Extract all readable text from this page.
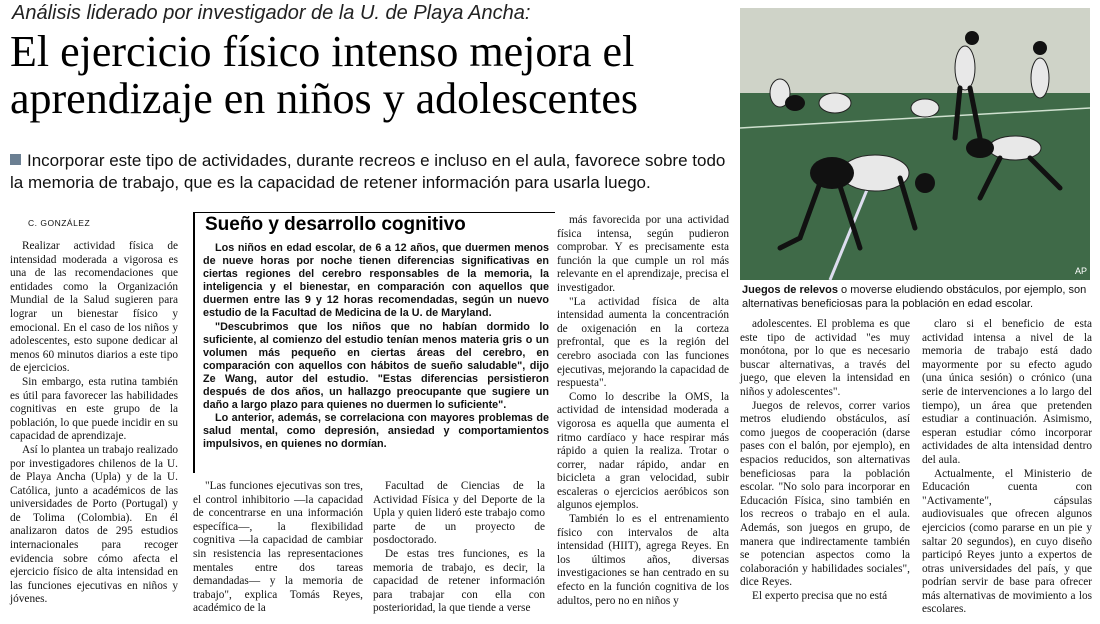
Análisis liderado por investigador de la U. de Playa Ancha:
El ejercicio físico intenso mejora el aprendizaje en niños y adolescentes
Incorporar este tipo de actividades, durante recreos e incluso en el aula, favorece sobre todo la memoria de trabajo, que es la capacidad de retener información para usarla luego.
AP
Juegos de relevos o moverse eludiendo obstáculos, por ejemplo, son alternativas beneficiosas para la población en edad escolar.
C. GONZÁLEZ

Realizar actividad física de intensidad moderada a vigorosa es una de las recomendaciones que entidades como la Organización Mundial de la Salud sugieren para lograr un bienestar físico y emocional. En el caso de los niños y adolescentes, esto supone dedicar al menos 60 minutos diarios a este tipo de ejercicios.

Sin embargo, esta rutina también es útil para favorecer las habilidades cognitivas en este grupo de la población, lo que puede incidir en su capacidad de aprendizaje.

Así lo plantea un trabajo realizado por investigadores chilenos de la U. de Playa Ancha (Upla) y de la U. Católica, junto a académicos de las universidades de Porto (Portugal) y de Tolima (Colombia). En él analizaron datos de 295 estudios internacionales para recoger evidencia sobre cómo afecta el ejercicio físico de alta intensidad en las funciones ejecutivas en niños y jóvenes.

Sueño y desarrollo cognitivo

Los niños en edad escolar, de 6 a 12 años, que duermen menos de nueve horas por noche tienen diferencias significativas en ciertas regiones del cerebro responsables de la memoria, la inteligencia y el bienestar, en comparación con aquellos que duermen entre las 9 y 12 horas recomendadas, según un nuevo estudio de la Facultad de Medicina de la U. de Maryland.

"Descubrimos que los niños que no habían dormido lo suficiente, al comienzo del estudio tenían menos materia gris o un volumen más pequeño en ciertas áreas del cerebro, en comparación con aquellos con hábitos de sueño saludable", dijo Ze Wang, autor del estudio. "Estas diferencias persistieron después de dos años, un hallazgo preocupante que sugiere un daño a largo plazo para quienes no duermen lo suficiente".

Lo anterior, además, se correlaciona con mayores problemas de salud mental, como depresión, ansiedad y comportamientos impulsivos, en quienes no dormían.

"Las funciones ejecutivas son tres, el control inhibitorio —la capacidad de concentrarse en una información específica—, la flexibilidad cognitiva —la capacidad de cambiar sin resistencia las representaciones mentales entre dos tareas demandadas— y la memoria de trabajo", explica Tomás Reyes, académico de la

Facultad de Ciencias de la Actividad Física y del Deporte de la Upla y quien lideró este trabajo como parte de un proyecto de posdoctorado.

De estas tres funciones, es la memoria de trabajo, es decir, la capacidad de retener información para trabajar con ella con posterioridad, la que tiende a verse

más favorecida por una actividad física intensa, según pudieron comprobar. Y es precisamente esta función la que cumple un rol más relevante en el aprendizaje, precisa el investigador.

"La actividad física de alta intensidad aumenta la concentración de oxigenación en la corteza prefrontal, que es la región del cerebro asociada con las funciones ejecutivas, mejorando la capacidad de respuesta".

Como lo describe la OMS, la actividad de intensidad moderada a vigorosa es aquella que aumenta el ritmo cardíaco y hace respirar más rápido a quien la realiza. Trotar o correr, nadar rápido, andar en bicicleta a gran velocidad, subir escaleras o ejercicios aeróbicos son algunos ejemplos.

También lo es el entrenamiento físico con intervalos de alta intensidad (HIIT), agrega Reyes. En los últimos años, diversas investigaciones se han centrado en su efecto en la función cognitiva de los adultos, pero no en niños y

adolescentes. El problema es que este tipo de actividad "es muy monótona, por lo que es necesario buscar alternativas, a través del juego, que eleven la intensidad en niños y adolescentes".

Juegos de relevos, correr varios metros eludiendo obstáculos, así como juegos de cooperación (darse pases con el balón, por ejemplo), en espacios reducidos, son alternativas beneficiosas para la población escolar. "No solo para incorporar en Educación Física, sino también en los recreos o trabajo en el aula. Además, son juegos en grupo, de manera que indirectamente también se potencian aspectos como la colaboración y habilidades sociales", dice Reyes.

El experto precisa que no está

claro si el beneficio de esta actividad intensa a nivel de la memoria de trabajo está dado mayormente por su efecto agudo (una única sesión) o crónico (una serie de intervenciones a lo largo del tiempo), un área que pretenden estudiar a continuación. Asimismo, esperan estudiar cómo incorporar actividades de alta intensidad dentro del aula.

Actualmente, el Ministerio de Educación cuenta con "Activamente", cápsulas audiovisuales que ofrecen algunos ejercicios (como pararse en un pie y saltar 20 segundos), en cuyo diseño participó Reyes junto a expertos de otras universidades del país, y que podrían servir de base para ofrecer más alternativas de movimiento a los escolares.
